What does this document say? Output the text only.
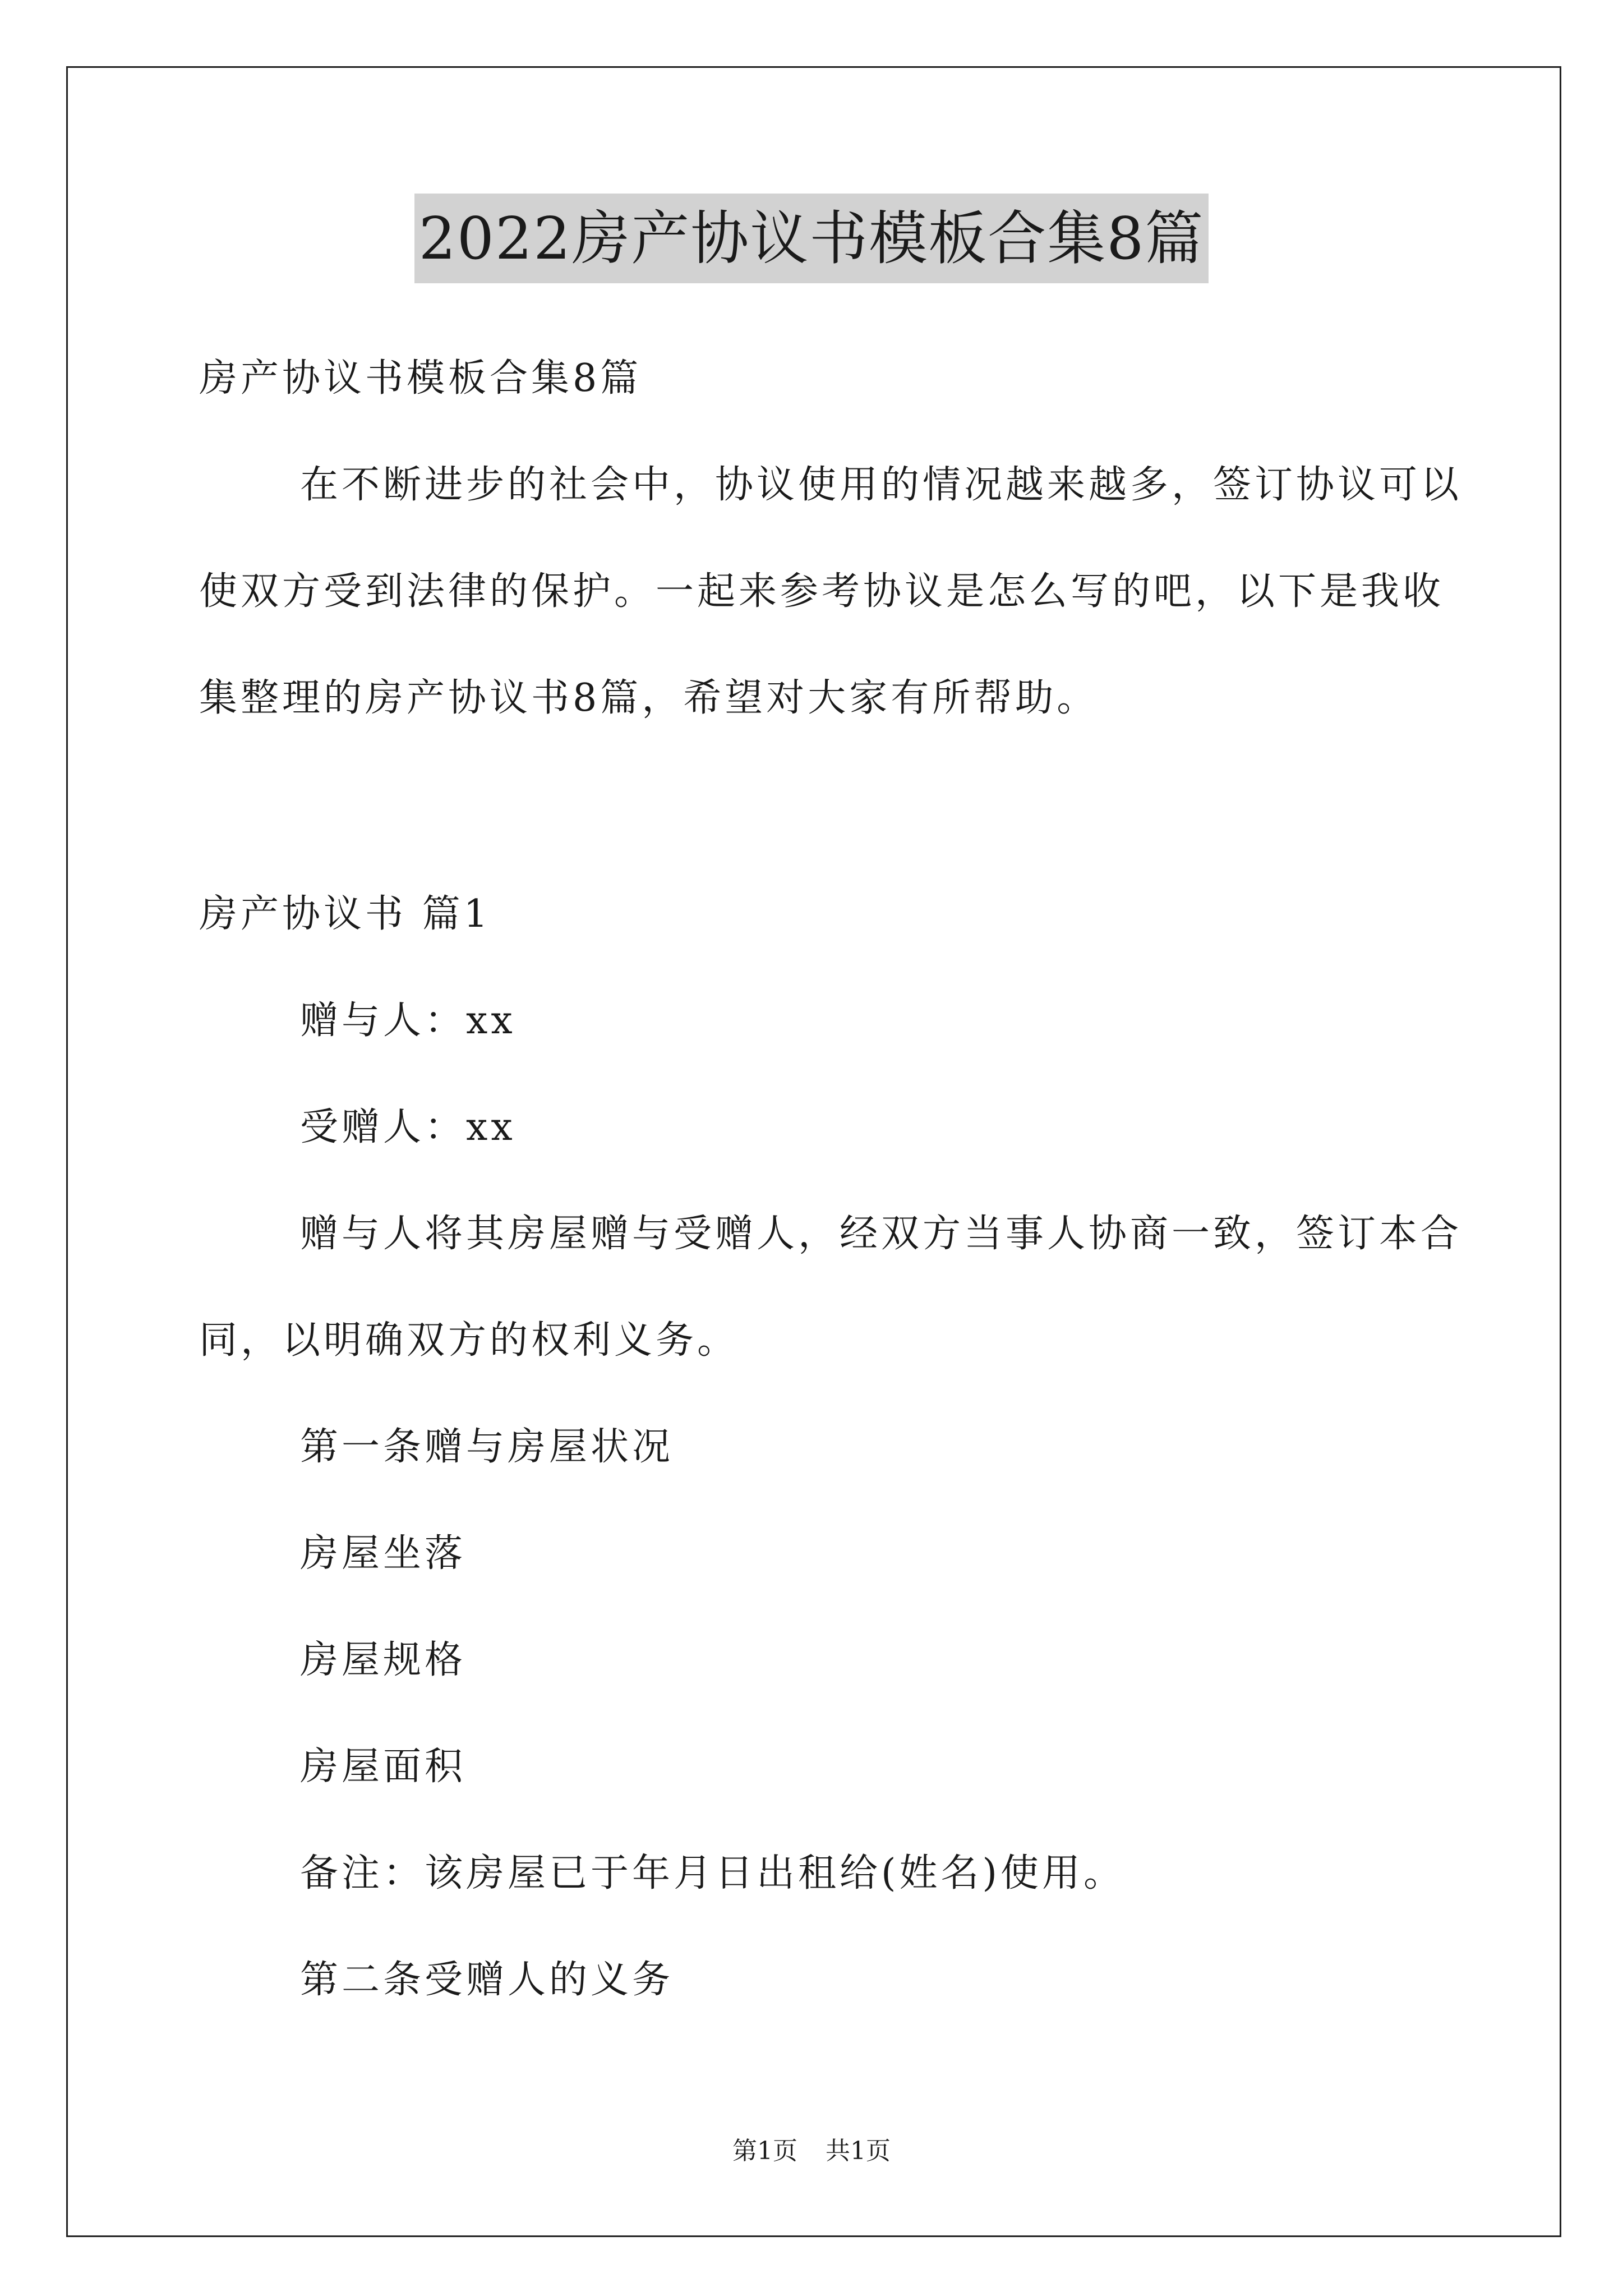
2022房产协议书模板合集8篇
房产协议书模板合集8篇
在不断进步的社会中，协议使用的情况越来越多，签订协议可以
使双方受到法律的保护。一起来参考协议是怎么写的吧，以下是我收
集整理的房产协议书8篇，希望对大家有所帮助。
房产协议书 篇1
赠与人：xx
受赠人：xx
赠与人将其房屋赠与受赠人，经双方当事人协商一致，签订本合
同，以明确双方的权利义务。
第一条赠与房屋状况
房屋坐落
房屋规格
房屋面积
备注：该房屋已于年月日出租给(姓名)使用。
第二条受赠人的义务
第1页 共1页
